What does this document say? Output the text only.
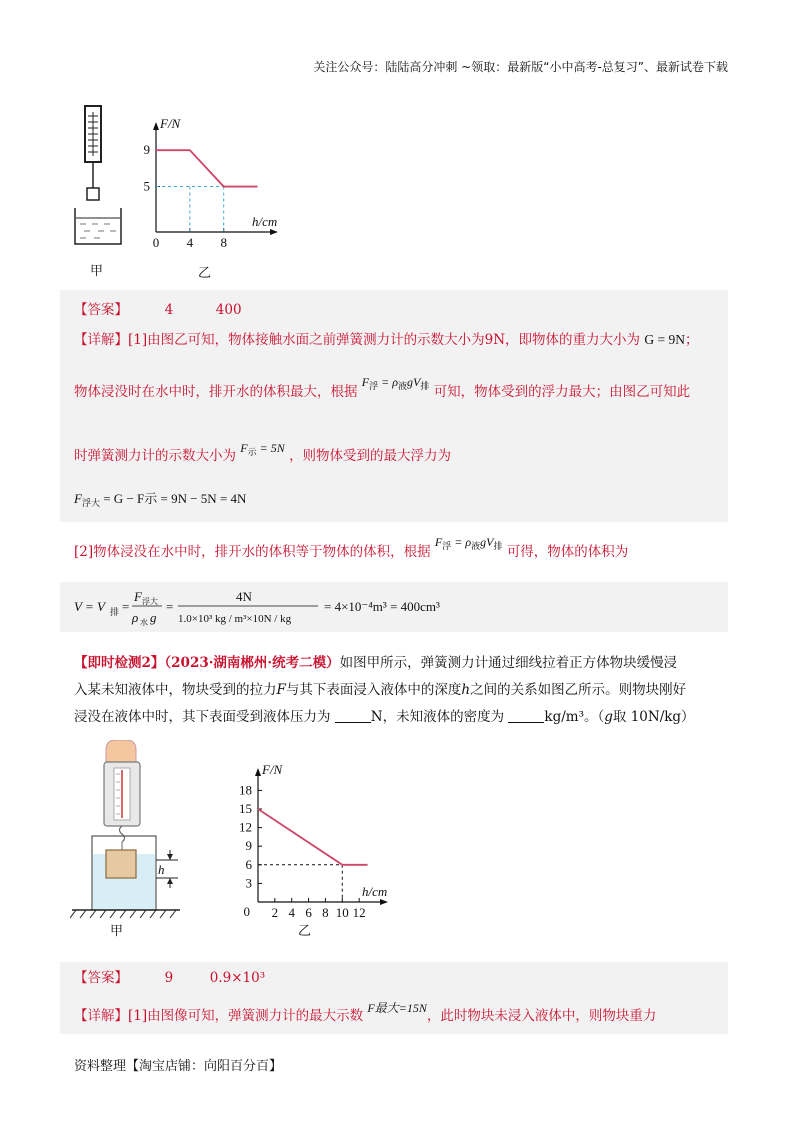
关注公众号：陆陆高分冲刺 ~领取：最新版“小中高考-总复习”、最新试卷下载
甲
F/N
h/cm
9
5
0 4 8
乙
【答案】	4	400
【详解】[1]由图乙可知，物体接触水面之前弹簧测力计的示数大小为9N，即物体的重力大小为 G = 9N；
物体浸没时在水中时，排开水的体积最大，根据 $F_浮 = \rho_液gV_排$ 可知，物体受到的浮力最大；由图乙可知此
时弹簧测力计的示数大小为 $F_示 = 5N$ ，则物体受到的最大浮力为
$F_{浮大} = G - F$示 = 9N − 5N = 4N
[2]物体浸没在水中时，排开水的体积等于物体的体积，根据 $F_浮 = \rho_液gV_排$ 可得，物体的体积为
V = V 排 =
F 浮大
ρ 水 g
=
4N
1.0×10³ kg / m³×10N / kg
= 4×10⁻⁴m³ = 400cm³
【即时检测2】（2023·湖南郴州·统考二模）如图甲所示，弹簧测力计通过细线拉着正方体物块缓慢浸
入某未知液体中，物块受到的拉力F与其下表面浸入液体中的深度h之间的关系如图乙所示。则物块刚好
浸没在液体中时，其下表面受到液体压力为	N，未知液体的密度为	kg/m³。（g取 10N/kg）
h
甲
F/N
h/cm
18
15
12
9
6
3
2 4 6 8 10 12
0
乙
【答案】	9	0.9×10³
【详解】[1]由图像可知，弹簧测力计的最大示数 F最大=15N，此时物块未浸入液体中，则物块重力
资料整理【淘宝店铺：向阳百分百】
